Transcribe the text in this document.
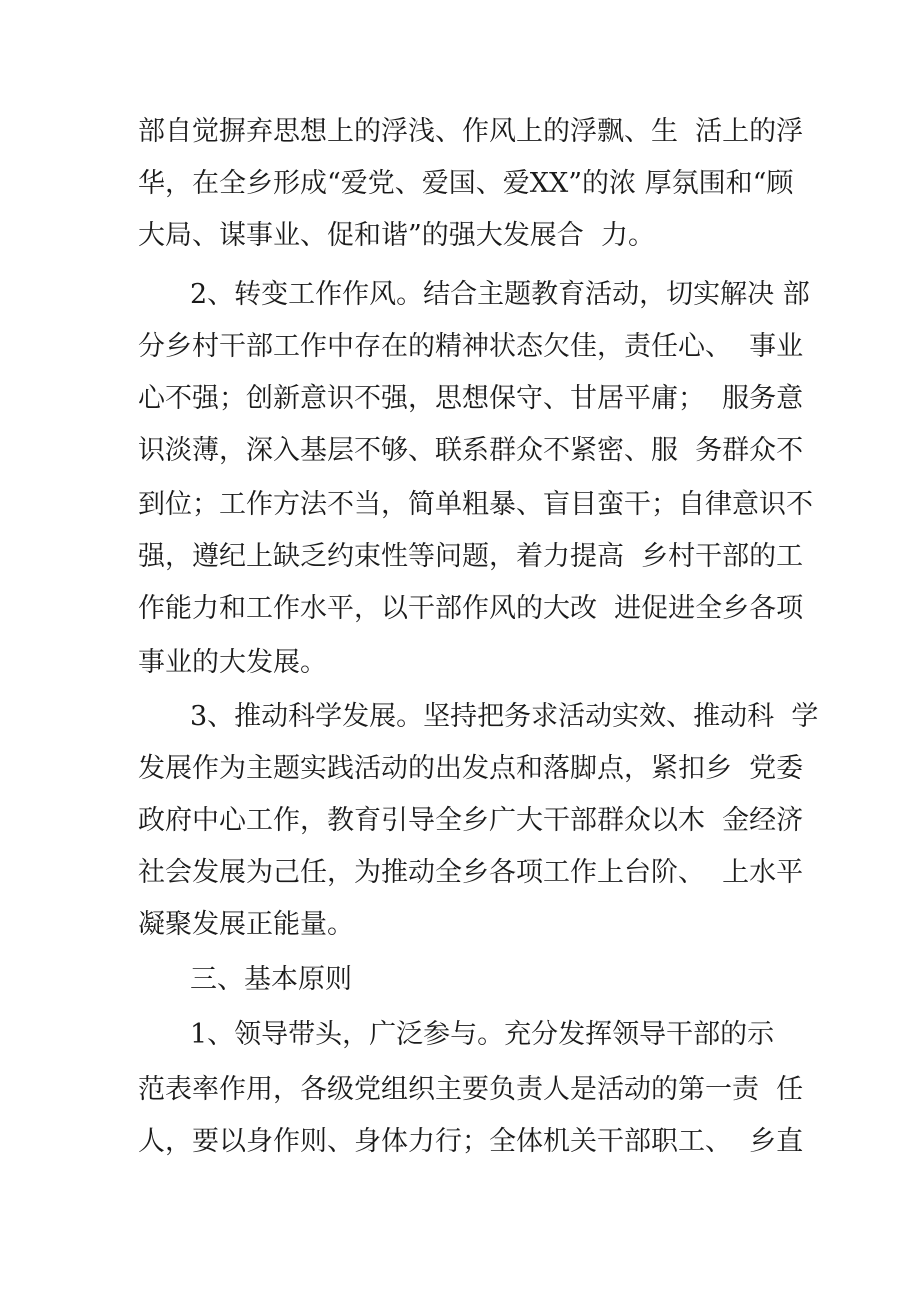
部自觉摒弃思想上的浮浅、作风上的浮飘、生  活上的浮
华，在全乡形成“爱党、爱国、爱XX”的浓 厚氛围和“顾
大局、谋事业、促和谐”的强大发展合  力。
2、转变工作作风。结合主题教育活动，切实解决 部
分乡村干部工作中存在的精神状态欠佳，责任心、  事业
心不强；创新意识不强，思想保守、甘居平庸；  服务意
识淡薄，深入基层不够、联系群众不紧密、服  务群众不
到位；工作方法不当，简单粗暴、盲目蛮干；自律意识不
强，遵纪上缺乏约束性等问题，着力提高  乡村干部的工
作能力和工作水平，以干部作风的大改  进促进全乡各项
事业的大发展。
3、推动科学发展。坚持把务求活动实效、推动科  学
发展作为主题实践活动的出发点和落脚点，紧扣乡  党委
政府中心工作，教育引导全乡广大干部群众以木  金经济
社会发展为己任，为推动全乡各项工作上台阶、  上水平
凝聚发展正能量。
三、基本原则
1、领导带头，广泛参与。充分发挥领导干部的示
范表率作用，各级党组织主要负责人是活动的第一责  任
人，要以身作则、身体力行；全体机关干部职工、  乡直
